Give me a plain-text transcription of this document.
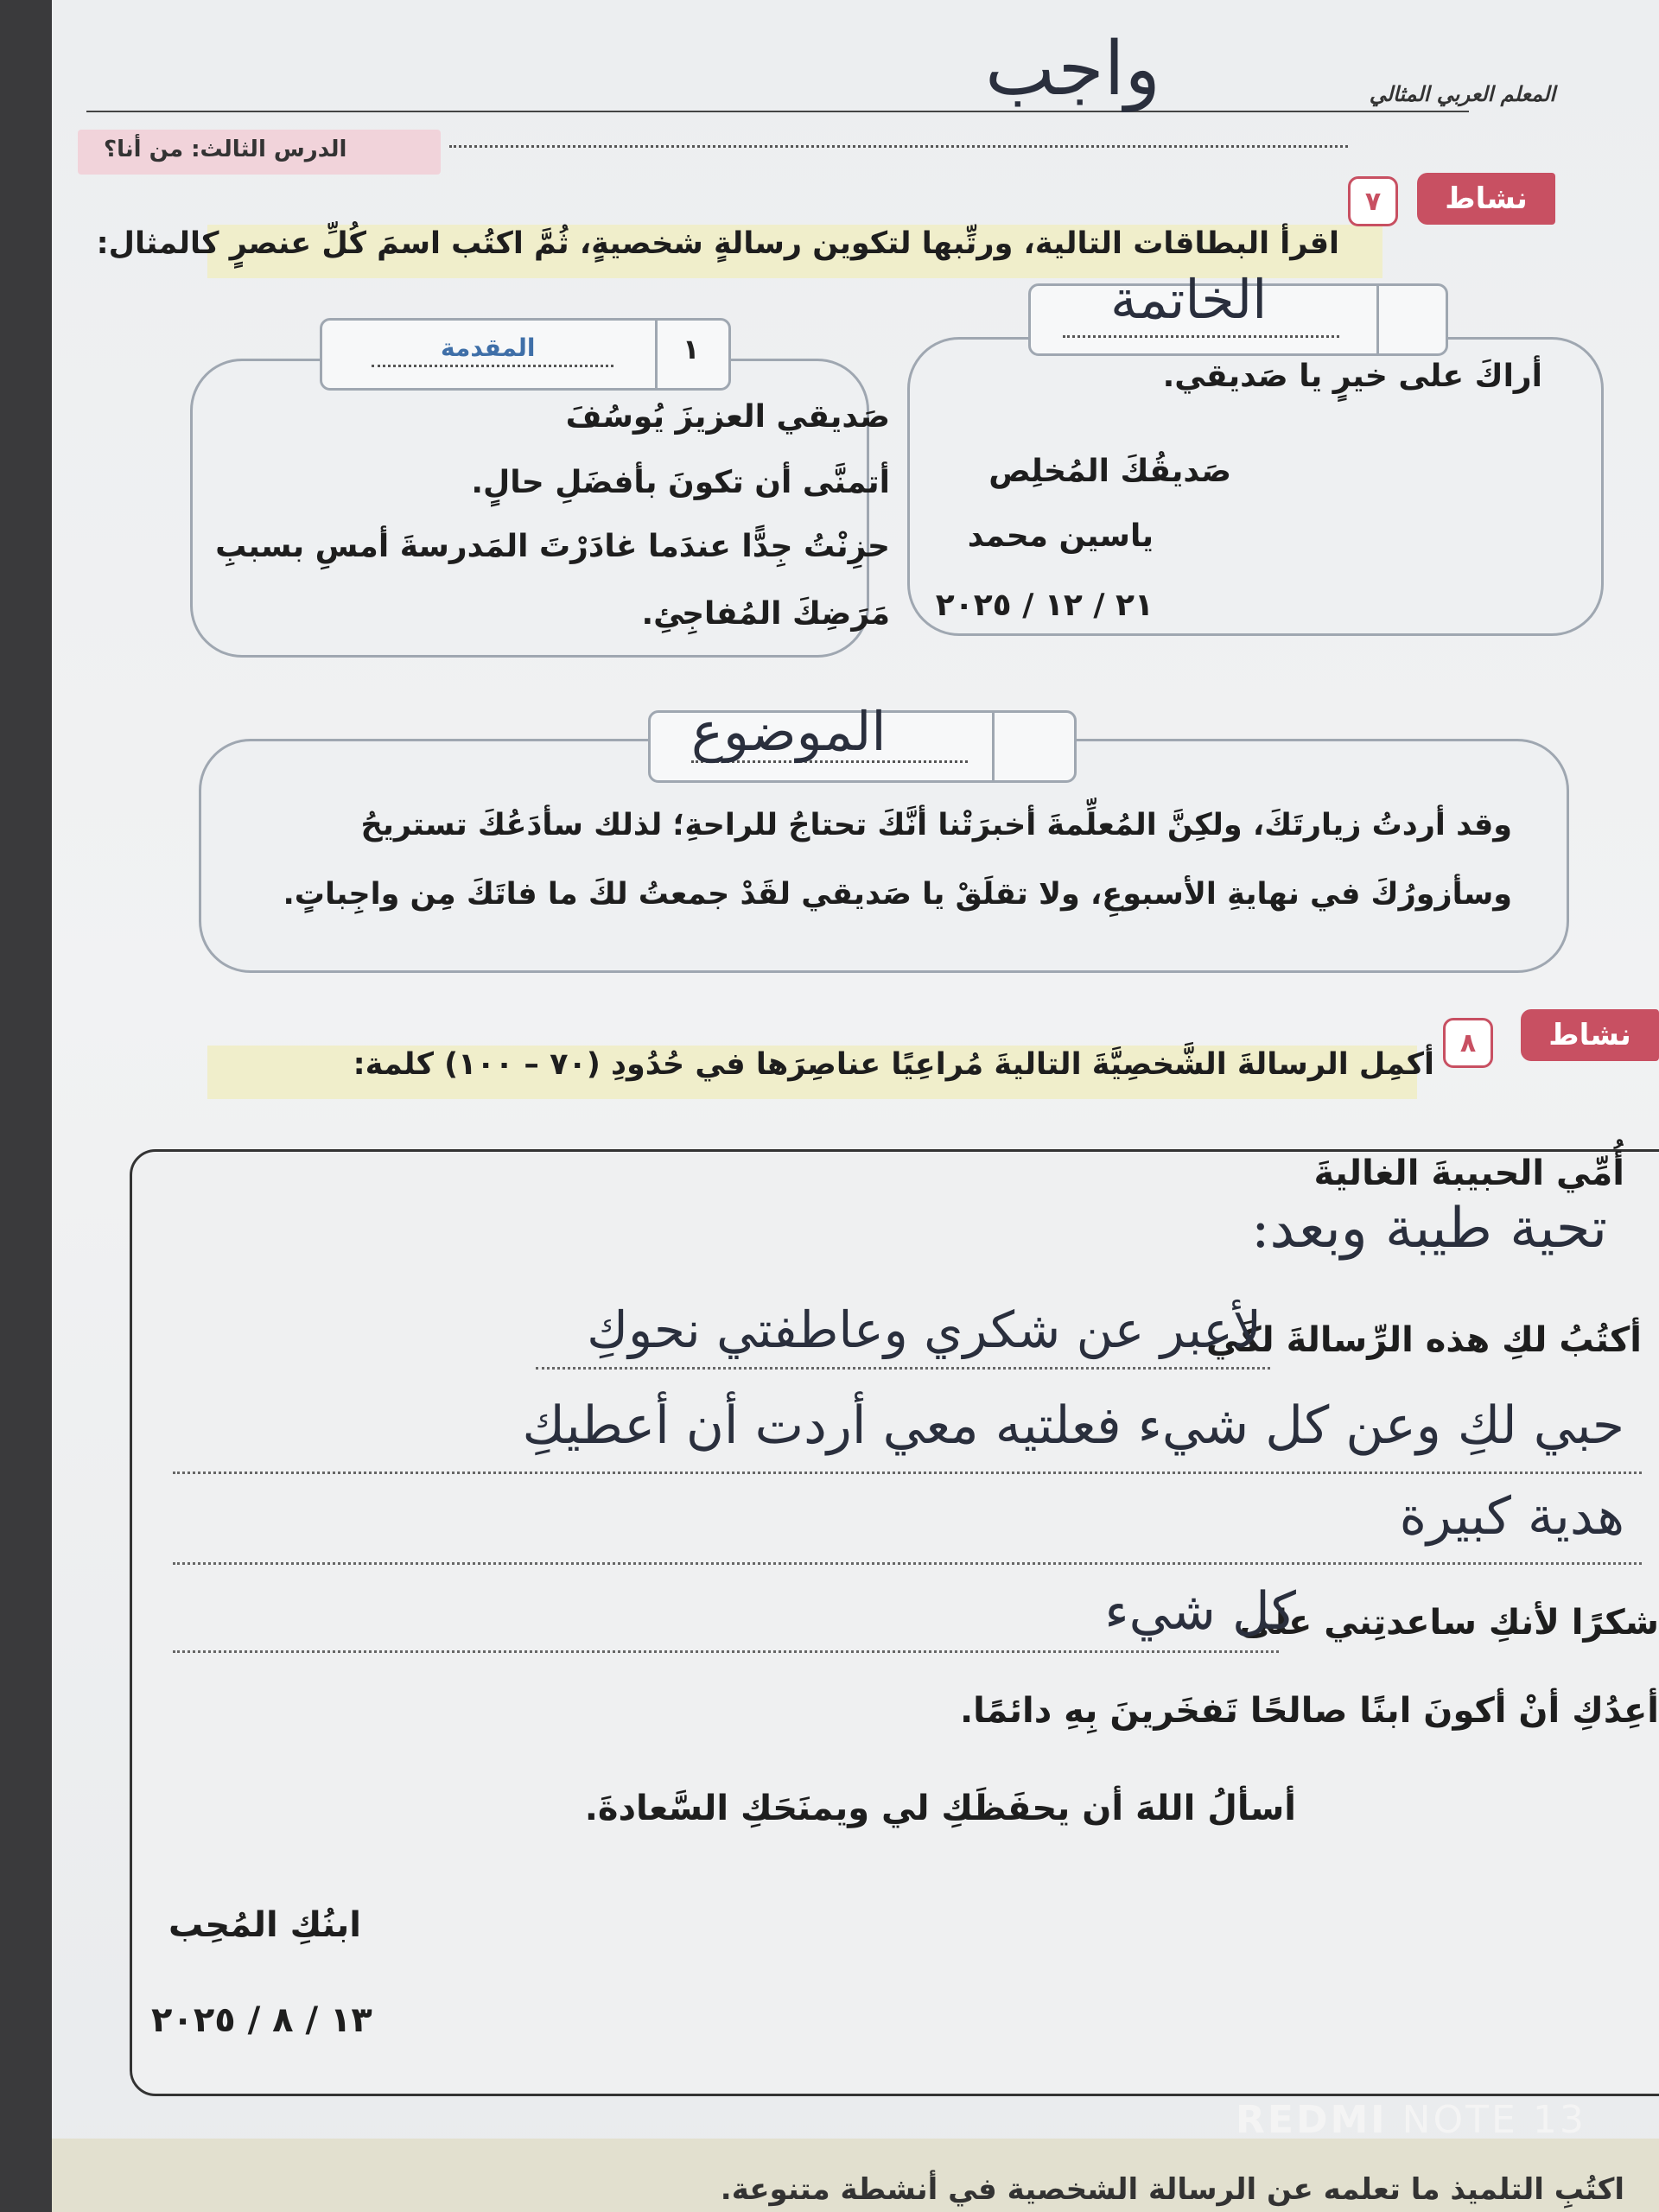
المعلم العربي المثالي
واجب
الدرس الثالث: من أنا؟
نشاط
٧
اقرأ البطاقات التالية، ورتِّبها لتكوين رسالةٍ شخصيةٍ، ثُمَّ اكتُب اسمَ كُلِّ عنصرٍ كالمثال:
الخاتمة
أراكَ على خيرٍ يا صَديقي.
صَديقُكَ المُخلِص
ياسين محمد
٢١ / ١٢ / ٢٠٢٥
١
المقدمة
صَديقي العزيزَ يُوسُفَ
أتمنَّى أن تكونَ بأفضَلِ حالٍ.
حزِنْتُ جِدًّا عندَما غادَرْتَ المَدرسةَ أمسِ بسببِ
مَرَضِكَ المُفاجِئِ.
الموضوع
وقد أردتُ زيارتَكَ، ولكِنَّ المُعلِّمةَ أخبرَتْنا أنَّكَ تحتاجُ للراحةِ؛ لذلك سأدَعُكَ تستريحُ
وسأزورُكَ في نهايةِ الأسبوعِ، ولا تقلَقْ يا صَديقي لقَدْ جمعتُ لكَ ما فاتَكَ مِن واجِباتٍ.
نشاط
٨
أكمِل الرسالةَ الشَّخصِيَّةَ التاليةَ مُراعِيًا عناصِرَها في حُدُودِ (٧٠ – ١٠٠) كلمة:
أُمِّي الحبيبةَ الغاليةَ
تحية طيبة وبعد:
أكتُبُ لكِ هذه الرِّسالةَ لكَي
لأعبر عن شكري وعاطفتي نحوكِ
حبي لكِ وعن كل شيء فعلتيه معي أردت أن أعطيكِ
هدية كبيرة
شكرًا لأنكِ ساعدتِني على
كل شيء
أعِدُكِ أنْ أكونَ ابنًا صالحًا تَفخَرينَ بِهِ دائمًا.
أسألُ اللهَ أن يحفَظَكِ لي ويمنَحَكِ السَّعادةَ.
ابنُكِ المُحِب
١٣ / ٨ / ٢٠٢٥
اكتُبِ التلميذ ما تعلمه عن الرسالة الشخصية في أنشطة متنوعة.
REDMI NOTE 13
